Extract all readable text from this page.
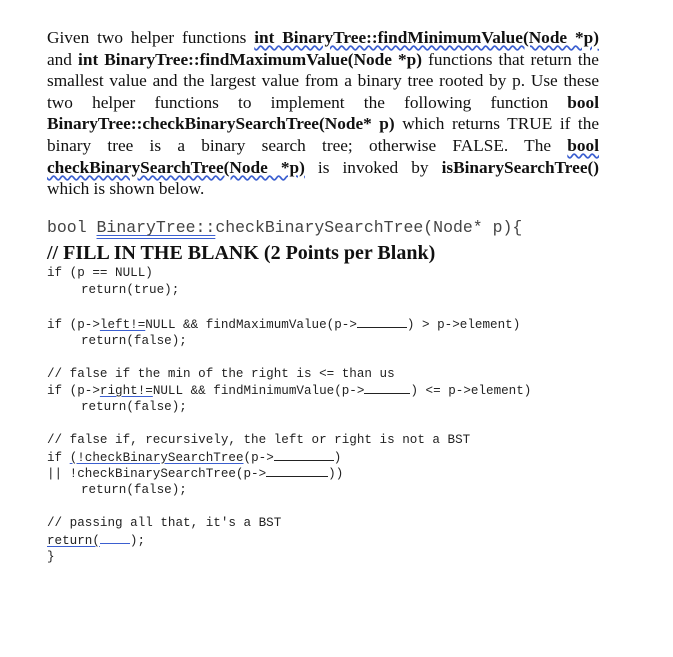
Given two helper functions int BinaryTree::findMinimumValue(Node *p) and int BinaryTree::findMaximumValue(Node *p) functions that return the smallest value and the largest value from a binary tree rooted by p. Use these two helper functions to implement the following function bool BinaryTree::checkBinarySearchTree(Node* p) which returns TRUE if the binary tree is a binary search tree; otherwise FALSE. The bool checkBinarySearchTree(Node *p) is invoked by isBinarySearchTree() which is shown below.
bool BinaryTree::checkBinarySearchTree(Node* p){
// FILL IN THE BLANK (2 Points per Blank)
if (p == NULL)
return(true);
if (p->left!=NULL && findMaximumValue(p->	) > p->element)
return(false);
// false if the min of the right is <= than us
if (p->right!=NULL && findMinimumValue(p->	) <= p->element)
return(false);
// false if, recursively, the left or right is not a BST
if (!checkBinarySearchTree(p->	)
|| !checkBinarySearchTree(p->	))
return(false);
// passing all that, it's a BST
return( );
}
